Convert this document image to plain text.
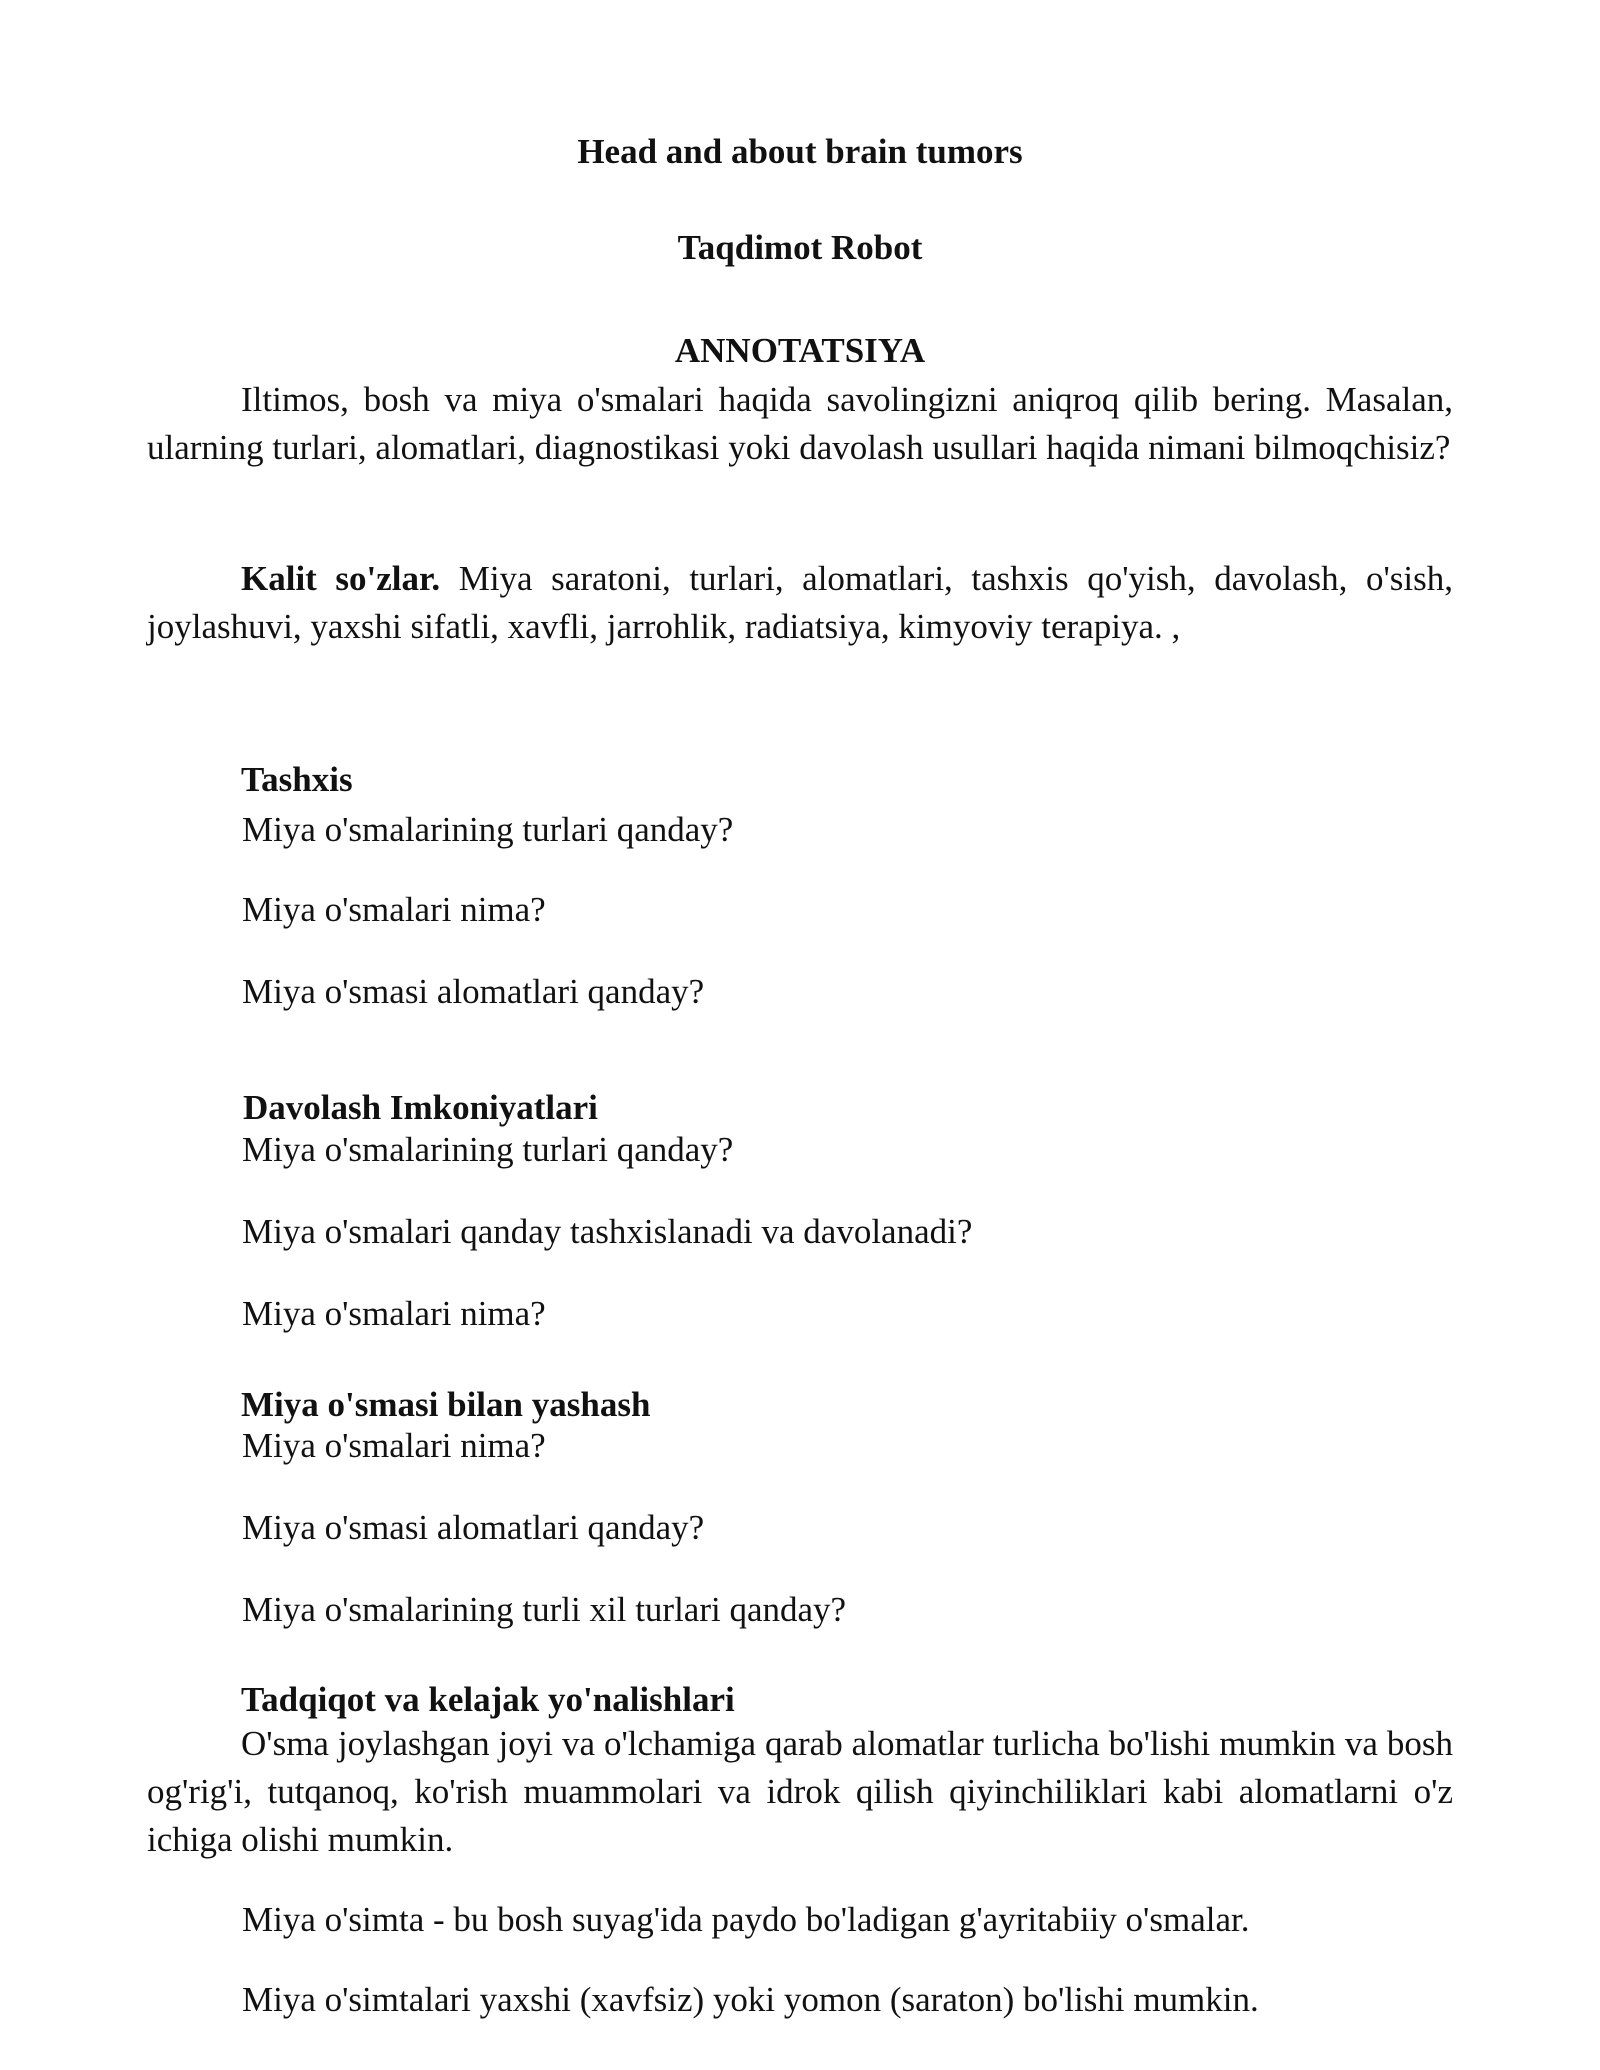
Head and about brain tumors
Taqdimot Robot
ANNOTATSIYA

Iltimos, bosh va miya o'smalari haqida savolingizni aniqroq qilib bering. Masalan, ularning turlari, alomatlari, diagnostikasi yoki davolash usullari haqida nimani bilmoqchisiz?

Kalit so'zlar. Miya saratoni, turlari, alomatlari, tashxis qo'yish, davolash, o'sish, joylashuvi, yaxshi sifatli, xavfli, jarrohlik, radiatsiya, kimyoviy terapiya. ,

Tashxis

Miya o'smalarining turlari qanday?

Miya o'smalari nima?

Miya o'smasi alomatlari qanday?

Davolash Imkoniyatlari

Miya o'smalarining turlari qanday?

Miya o'smalari qanday tashxislanadi va davolanadi?

Miya o'smalari nima?

Miya o'smasi bilan yashash

Miya o'smalari nima?

Miya o'smasi alomatlari qanday?

Miya o'smalarining turli xil turlari qanday?

Tadqiqot va kelajak yo'nalishlari

O'sma joylashgan joyi va o'lchamiga qarab alomatlar turlicha bo'lishi mumkin va bosh og'rig'i, tutqanoq, ko'rish muammolari va idrok qilish qiyinchiliklari kabi alomatlarni o'z ichiga olishi mumkin.

Miya o'simta - bu bosh suyag'ida paydo bo'ladigan g'ayritabiiy o'smalar.

Miya o'simtalari yaxshi (xavfsiz) yoki yomon (saraton) bo'lishi mumkin.
